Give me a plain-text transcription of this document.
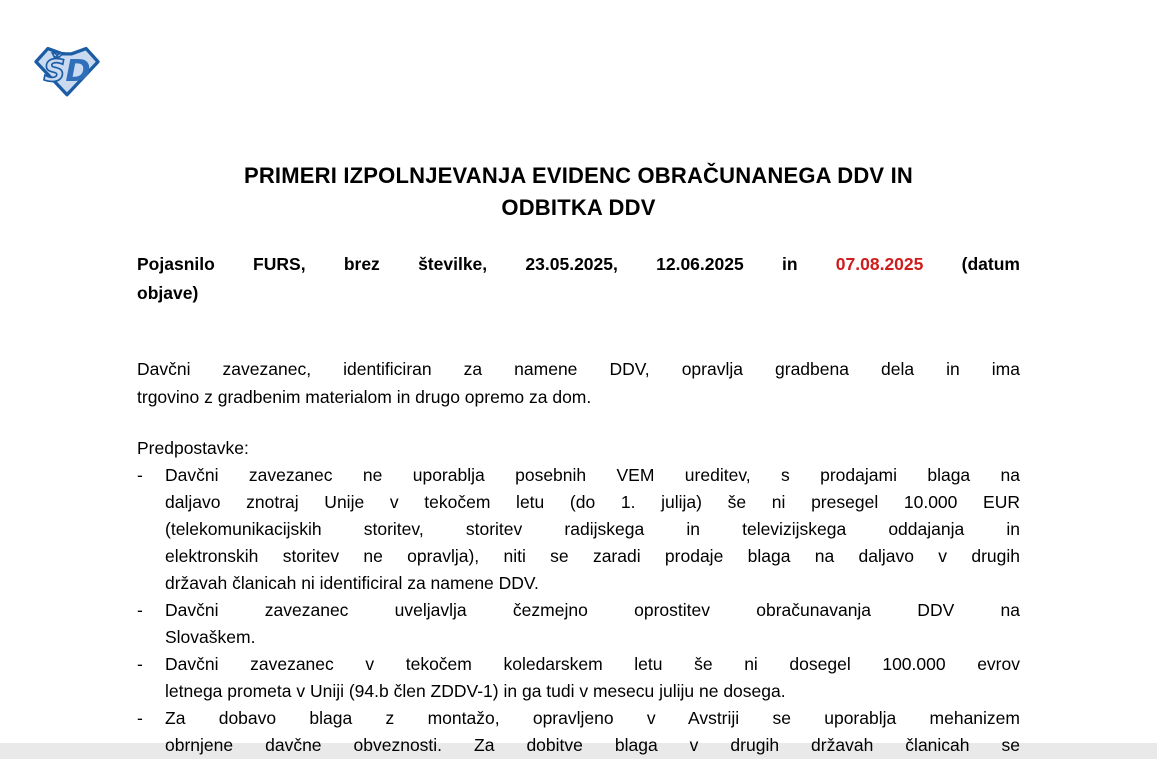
ŠD
PRIMERI IZPOLNJEVANJA EVIDENC OBRAČUNANEGA DDV IN
ODBITKA DDV
Pojasnilo FURS, brez številke, 23.05.2025, 12.06.2025 in 07.08.2025 (datum
objave)
Davčni zavezanec, identificiran za namene DDV, opravlja gradbena dela in ima
trgovino z gradbenim materialom in drugo opremo za dom.
Predpostavke:
-	Davčni zavezanec ne uporablja posebnih VEM ureditev, s prodajami blaga na
daljavo znotraj Unije v tekočem letu (do 1. julija) še ni presegel 10.000 EUR
(telekomunikacijskih storitev, storitev radijskega in televizijskega oddajanja in
elektronskih storitev ne opravlja), niti se zaradi prodaje blaga na daljavo v drugih
državah članicah ni identificiral za namene DDV.
-	Davčni zavezanec uveljavlja čezmejno oprostitev obračunavanja DDV na
Slovaškem.
-	Davčni zavezanec v tekočem koledarskem letu še ni dosegel 100.000 evrov
letnega prometa v Uniji (94.b člen ZDDV-1) in ga tudi v mesecu juliju ne dosega.
-	Za dobavo blaga z montažo, opravljeno v Avstriji se uporablja mehanizem
obrnjene davčne obveznosti. Za dobitve blaga v drugih državah članicah se
